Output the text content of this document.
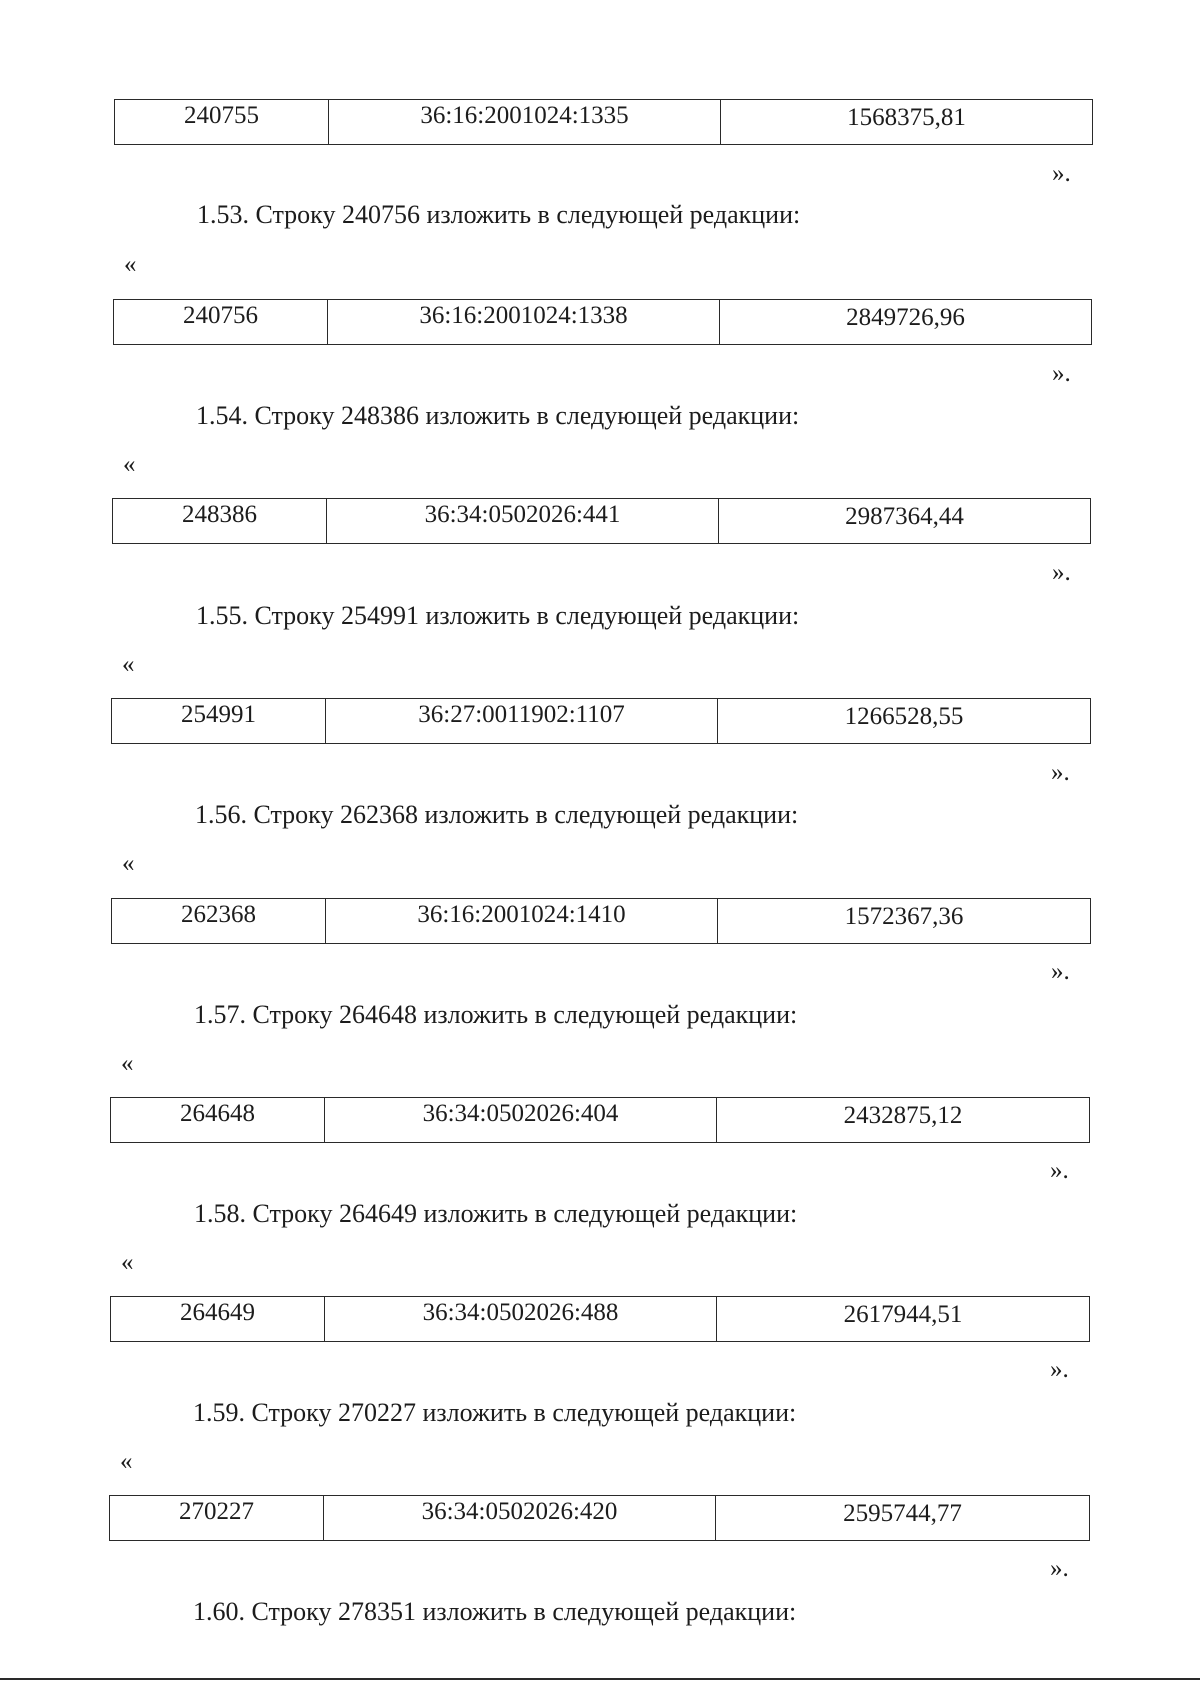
240755	36:16:2001024:1335	1568375,81
».
1.53. Строку 240756 изложить в следующей редакции:
«
240756	36:16:2001024:1338	2849726,96
».
1.54. Строку 248386 изложить в следующей редакции:
«
248386	36:34:0502026:441	2987364,44
».
1.55. Строку 254991 изложить в следующей редакции:
«
254991	36:27:0011902:1107	1266528,55
».
1.56. Строку 262368 изложить в следующей редакции:
«
262368	36:16:2001024:1410	1572367,36
».
1.57. Строку 264648 изложить в следующей редакции:
«
264648	36:34:0502026:404	2432875,12
».
1.58. Строку 264649 изложить в следующей редакции:
«
264649	36:34:0502026:488	2617944,51
».
1.59. Строку 270227 изложить в следующей редакции:
«
270227	36:34:0502026:420	2595744,77
».
1.60. Строку 278351 изложить в следующей редакции:
